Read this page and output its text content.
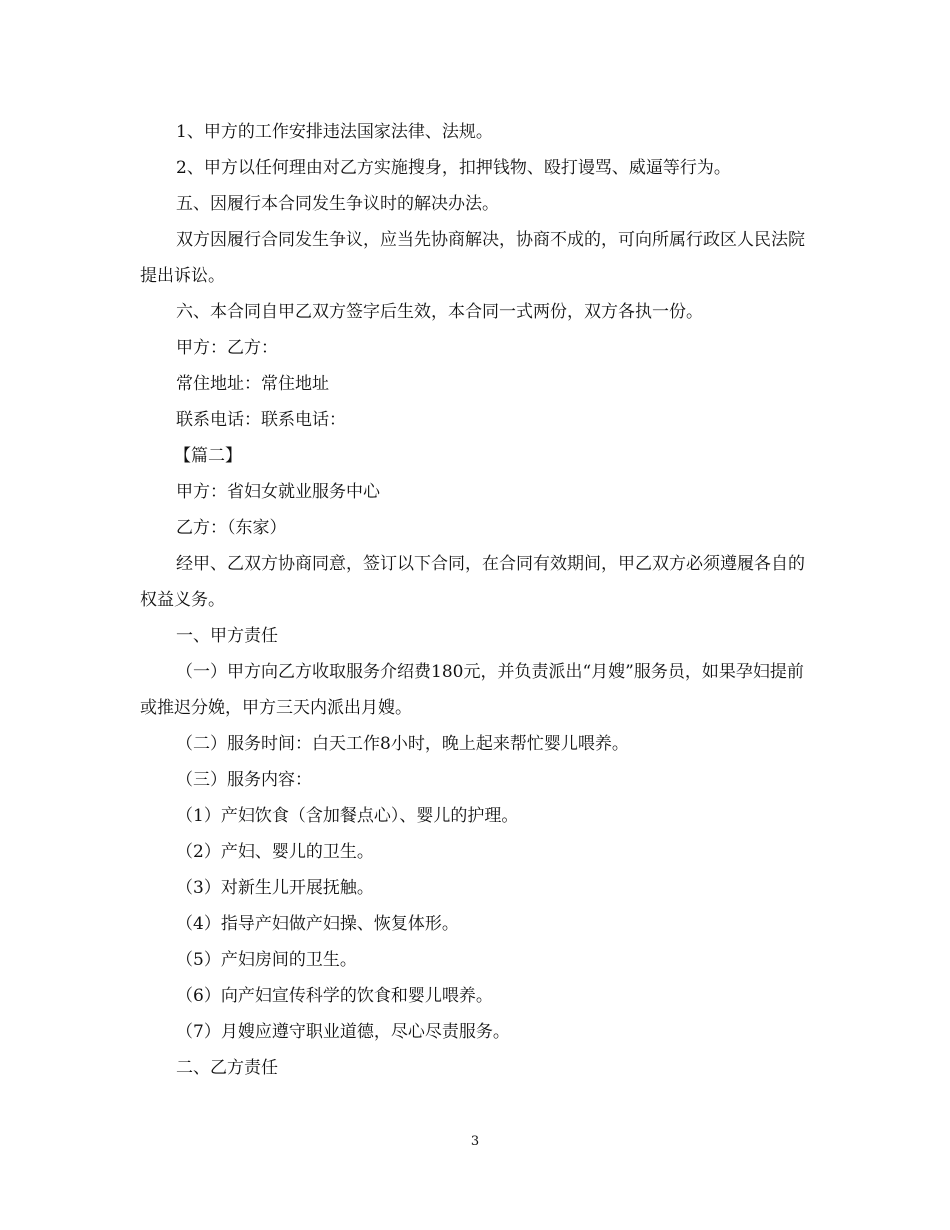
1、甲方的工作安排违法国家法律、法规。

2、甲方以任何理由对乙方实施搜身，扣押钱物、殴打谩骂、威逼等行为。

五、因履行本合同发生争议时的解决办法。

双方因履行合同发生争议，应当先协商解决，协商不成的，可向所属行政区人民法院提出诉讼。

六、本合同自甲乙双方签字后生效，本合同一式两份，双方各执一份。

甲方：乙方：

常住地址：常住地址

联系电话：联系电话：

【篇二】

甲方：省妇女就业服务中心

乙方：（东家）

经甲、乙双方协商同意，签订以下合同，在合同有效期间，甲乙双方必须遵履各自的权益义务。

一、甲方责任

（一）甲方向乙方收取服务介绍费180元，并负责派出“月嫂”服务员，如果孕妇提前或推迟分娩，甲方三天内派出月嫂。

（二）服务时间：白天工作8小时，晚上起来帮忙婴儿喂养。

（三）服务内容：

（1）产妇饮食（含加餐点心）、婴儿的护理。

（2）产妇、婴儿的卫生。

（3）对新生儿开展抚触。

（4）指导产妇做产妇操、恢复体形。

（5）产妇房间的卫生。

（6）向产妇宣传科学的饮食和婴儿喂养。

（7）月嫂应遵守职业道德，尽心尽责服务。

二、乙方责任

3
